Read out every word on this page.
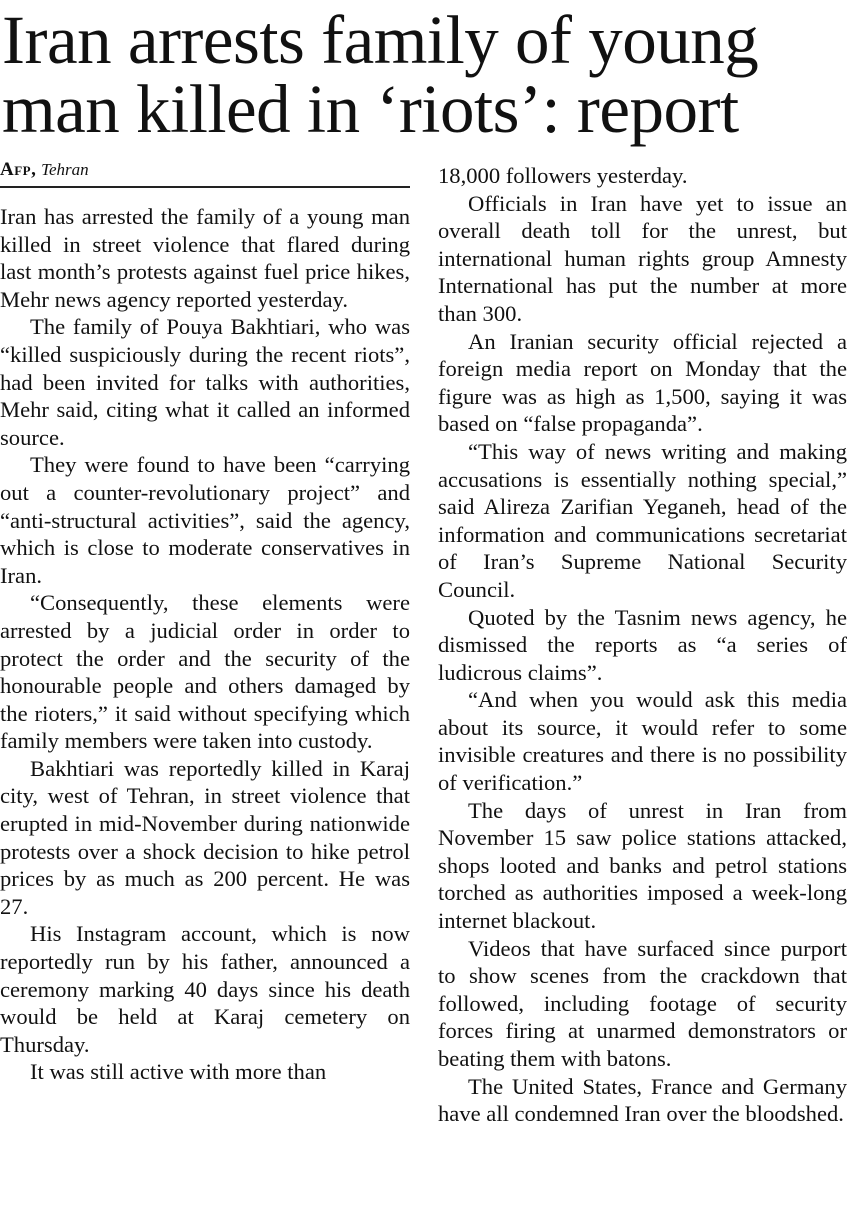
Iran arrests family of young
man killed in ‘riots’: report
Afp, Tehran

Iran has arrested the family of a young man killed in street violence that flared during last month’s protests against fuel price hikes, Mehr news agency reported yesterday.

The family of Pouya Bakhtiari, who was “killed suspiciously during the recent riots”, had been invited for talks with authorities, Mehr said, citing what it called an informed source.

They were found to have been “carrying out a counter-revolutionary project” and “anti-structural activities”, said the agency, which is close to moderate conservatives in Iran.

“Consequently, these elements were arrested by a judicial order in order to protect the order and the security of the honourable people and others damaged by the rioters,” it said without specifying which family members were taken into custody.

Bakhtiari was reportedly killed in Karaj city, west of Tehran, in street violence that erupted in mid-November during nationwide protests over a shock decision to hike petrol prices by as much as 200 percent. He was 27.

His Instagram account, which is now reportedly run by his father, announced a ceremony marking 40 days since his death would be held at Karaj cemetery on Thursday.

It was still active with more than

18,000 followers yesterday.

Officials in Iran have yet to issue an overall death toll for the unrest, but international human rights group Amnesty International has put the number at more than 300.

An Iranian security official rejected a foreign media report on Monday that the figure was as high as 1,500, saying it was based on “false propaganda”.

“This way of news writing and making accusations is essentially nothing special,” said Alireza Zarifian Yeganeh, head of the information and communications secretariat of Iran’s Supreme National Security Council.

Quoted by the Tasnim news agency, he dismissed the reports as “a series of ludicrous claims”.

“And when you would ask this media about its source, it would refer to some invisible creatures and there is no possibility of verification.”

The days of unrest in Iran from November 15 saw police stations attacked, shops looted and banks and petrol stations torched as authorities imposed a week-long internet blackout.

Videos that have surfaced since purport to show scenes from the crackdown that followed, including footage of security forces firing at unarmed demonstrators or beating them with batons.

The United States, France and Germany have all condemned Iran over the bloodshed.
